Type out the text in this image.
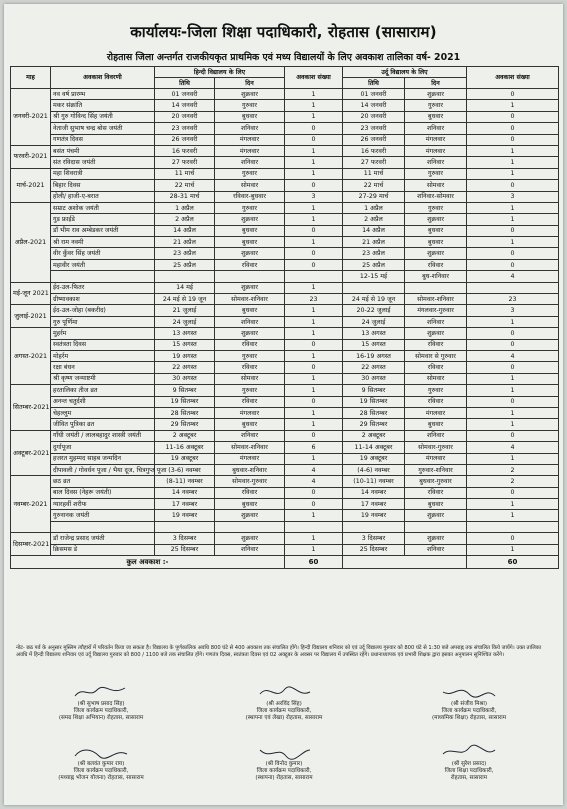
कार्यालयः-जिला शिक्षा पदाधिकारी, रोहतास (सासाराम)
रोहतास जिला अन्तर्गत राजकीयकृत प्राथमिक एवं मध्य विद्यालयों के लिए अवकाश तालिका वर्ष- 2021
माह	अवकाश विवरणी	हिन्दी विद्यालय के लिए		अवकाश संख्या	उर्दू विद्यालय के लिए		अवकाश संख्या
		तिथि	दिन		तिथि	दिन	
जनवरी-2021	नव वर्ष प्रारम्भ	01 जनवरी	शुक्रवार	1	01 जनवरी	शुक्रवार	0
	मकर संक्रांति	14 जनवरी	गुरुवार	1	14 जनवरी	गुरुवार	1
	श्री गुरु गोविन्द सिंह जयंती	20 जनवरी	बुधवार	1	20 जनवरी	बुधवार	0
	नेताजी सुभाष चन्द्र बोस जयंती	23 जनवरी	शनिवार	0	23 जनवरी	शनिवार	0
	गणतंत्र दिवस	26 जनवरी	मंगलवार	0	26 जनवरी	मंगलवार	0
फरवरी-2021	बसंत पंचमी	16 फरवरी	मंगलवार	1	16 फरवरी	मंगलवार	1
	संत रविदास जयंती	27 फरवरी	शनिवार	1	27 फरवरी	शनिवार	1
मार्च-2021	महा शिवरात्री	11 मार्च	गुरुवार	1	11 मार्च	गुरुवार	1
	बिहार दिवस	22 मार्च	सोमवार	0	22 मार्च	सोमवार	0
	होली/ हाजी-ए-बरात	28-31 मार्च	रविवार-बुधवार	3	27-29 मार्च	शनिवार-सोमवार	3
अप्रैल-2021	सम्राट अशोक जयंती	1 अप्रैल	गुरुवार	1	1 अप्रैल	गुरुवार	1
	गुड फ्राईडे	2 अप्रैल	शुक्रवार	1	2 अप्रैल	शुक्रवार	1
	डॉ भीम राव अम्बेडकर जयंती	14 अप्रैल	बुधवार	0	14 अप्रैल	बुधवार	0
	श्री राम नवमी	21 अप्रैल	बुधवार	1	21 अप्रैल	बुधवार	1
	वीर कुँवर सिंह जयंती	23 अप्रैल	शुक्रवार	0	23 अप्रैल	शुक्रवार	0
	महावीर जयंती	25 अप्रैल	रविवार	0	25 अप्रैल	रविवार	0
					12-15 मई	बुध-शनिवार	4
मई-जून 2021	ईद-उल-फितर	14 मई	शुक्रवार	1			
	ग्रीष्मावकाश	24 मई से 19 जून	सोमवार-शनिवार	23	24 मई से 19 जून	सोमवार-शनिवार	23
जुलाई-2021	ईद-उल-जोहा (बकरीद)	21 जुलाई	बुधवार	1	20-22 जुलाई	मंगलवार-गुरुवार	3
	गुरु पूर्णिमा	24 जुलाई	शनिवार	1	24 जुलाई	शनिवार	1
अगस्त-2021	मुहर्रम	13 अगस्त	शुक्रवार	1	13 अगस्त	शुक्रवार	0
	स्वतंत्रता दिवस	15 अगस्त	रविवार	0	15 अगस्त	रविवार	0
	मोहर्रम	19 अगस्त	गुरुवार	1	16-19 अगस्त	सोमवार से गुरुवार	4
	रक्षा बंधन	22 अगस्त	रविवार	0	22 अगस्त	रविवार	0
	श्री कृष्ण जन्माष्टमी	30 अगस्त	सोमवार	1	30 अगस्त	सोमवार	1
सितम्बर-2021	हरतालिका तीज व्रत	9 सितम्बर	गुरुवार	1	9 सितम्बर	गुरुवार	1
	अनन्त चतुर्दशी	19 सितम्बर	रविवार	0	19 सितम्बर	रविवार	0
	चेहल्लुम	28 सितम्बर	मंगलवार	1	28 सितम्बर	मंगलवार	1
	जीवित पुत्रिका व्रत	29 सितम्बर	बुधवार	1	29 सितम्बर	बुधवार	1
अक्टूबर-2021	गाँधी जयंती / लालबहादुर शास्त्री जयंती	2 अक्टूबर	शनिवार	0	2 अक्टूबर	शनिवार	0
	दुर्गापूजा	11-16 अक्टूबर	सोमवार-शनिवार	6	11-14 अक्टूबर	सोमवार-गुरुवार	4
	हजरत मुहम्मद साहब जन्मदिन	19 अक्टूबर	मंगलवार	1	19 अक्टूबर	मंगलवार	1
	दीपावली / गोवर्धन पूजा / भैया दूज, चित्रगुप्त पूजा	(3-6) नवम्बर	बुधवार-शनिवार	4	(4-6) नवम्बर	गुरुवार-शनिवार	2
नवम्बर-2021	छठ व्रत	(8-11) नवम्बर	सोमवार-गुरुवार	4	(10-11) नवम्बर	बुधवार-गुरुवार	2
	बाल दिवस (नेहरू जयंती)	14 नवम्बर	रविवार	0	14 नवम्बर	रविवार	0
	ग्यारहवीं शरीफ	17 नवम्बर	बुधवार	0	17 नवम्बर	बुधवार	1
	गुरुनानक जयंती	19 नवम्बर	शुक्रवार	1	19 नवम्बर	शुक्रवार	1

दिसम्बर-2021	डॉ राजेन्द्र प्रसाद जयंती	3 दिसम्बर	शुक्रवार	1	3 दिसम्बर	शुक्रवार	0
	क्रिसमस डे	25 दिसम्बर	शनिवार	1	25 दिसम्बर	शनिवार	1
कुल अवकाश :-				60			60
नोट- छठ पर्व के अनुसार मुस्लिम त्यौहारों में परिवर्तन किया जा सकता है। विद्यालय के पूर्णकालिक अवधि 800 घंटे से 400 अवकाश तक संचालित होंगे। हिन्दी विद्यालय शनिवार को एवं उर्दू विद्यालय गुरुवार को 800 घंटे से 1:30 बजे अपराह्न तक संचालित किये जायेंगे। उक्त तालिका अवधि में हिन्दी विद्यालय शनिवार एवं उर्दू विद्यालय गुरुवार को 800 / 1100 बजे तक संचालित होंगे। गणतंत्र दिवस, स्वतंत्रता दिवस एवं 02 अक्टूबर के अवसर पर विद्यालय में उपस्थित रहेंगे। प्रधानाध्यापक एवं प्रभारी शिक्षक द्वारा इसका अनुपालन सुनिश्चित करेंगे।
(श्री सुभाष प्रसाद सिंह)
जिला कार्यक्रम पदाधिकारी,
(समग्र शिक्षा अभियान) रोहतास, सासाराम
(श्री अरविंद सिंह)
जिला कार्यक्रम पदाधिकारी,
(स्थापना एवं लेखा) रोहतास, सासाराम
(श्री संजीव मिश्रा)
जिला कार्यक्रम पदाधिकारी,
(माध्यमिक शिक्षा) रोहतास, सासाराम
(श्री बलवंत कुमार राय)
जिला कार्यक्रम पदाधिकारी,
(मध्याह्न भोजन योजना) रोहतास, सासाराम
(श्री विनोद कुमार)
जिला कार्यक्रम पदाधिकारी,
(स्थापना) रोहतास, सासाराम
(श्री सुरेश प्रसाद)
जिला शिक्षा पदाधिकारी,
रोहतास, सासाराम
